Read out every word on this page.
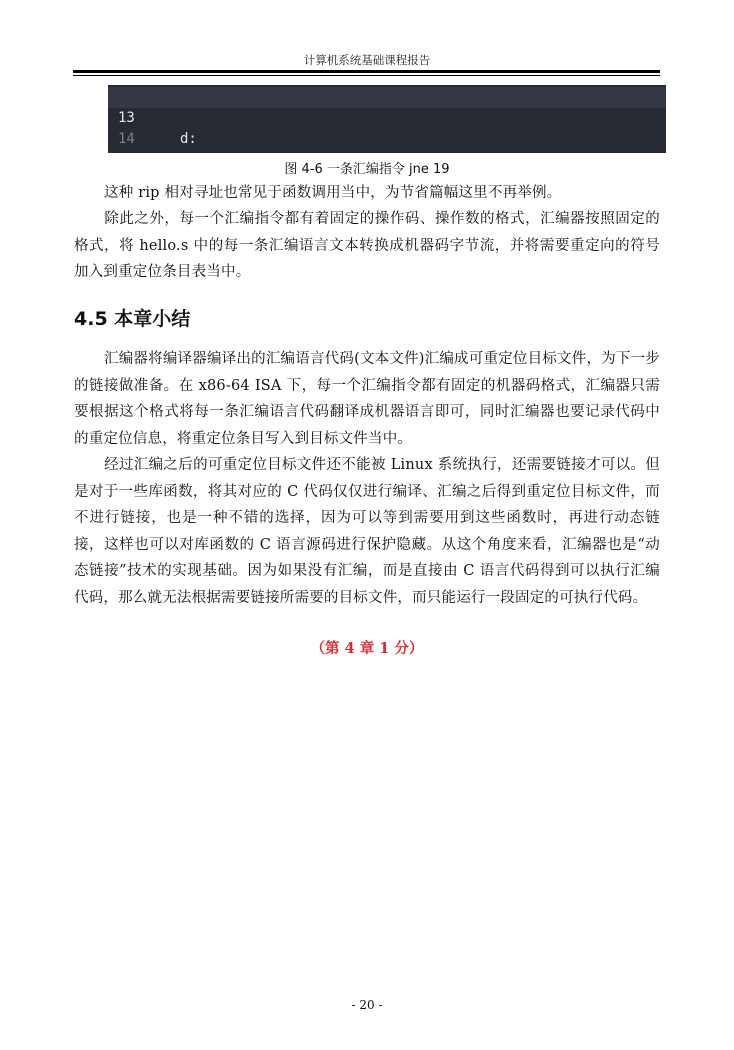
计算机系统基础课程报告

13

d:

14

图 4-6 一条汇编指令 jne 19

这种 rip 相对寻址也常见于函数调用当中，为节省篇幅这里不再举例。

除此之外，每一个汇编指令都有着固定的操作码、操作数的格式，汇编器按照固定的格式，将 hello.s 中的每一条汇编语言文本转换成机器码字节流，并将需要重定向的符号加入到重定位条目表当中。

4.5 本章小结

汇编器将编译器编译出的汇编语言代码(文本文件)汇编成可重定位目标文件，为下一步的链接做准备。在 x86-64 ISA 下，每一个汇编指令都有固定的机器码格式，汇编器只需要根据这个格式将每一条汇编语言代码翻译成机器语言即可，同时汇编器也要记录代码中的重定位信息，将重定位条目写入到目标文件当中。

经过汇编之后的可重定位目标文件还不能被 Linux 系统执行，还需要链接才可以。但是对于一些库函数，将其对应的 C 代码仅仅进行编译、汇编之后得到重定位目标文件，而不进行链接，也是一种不错的选择，因为可以等到需要用到这些函数时，再进行动态链接，这样也可以对库函数的 C 语言源码进行保护隐藏。从这个角度来看，汇编器也是“动态链接”技术的实现基础。因为如果没有汇编，而是直接由 C 语言代码得到可以执行汇编代码，那么就无法根据需要链接所需要的目标文件，而只能运行一段固定的可执行代码。

（第 4 章 1 分）
- 20 -
